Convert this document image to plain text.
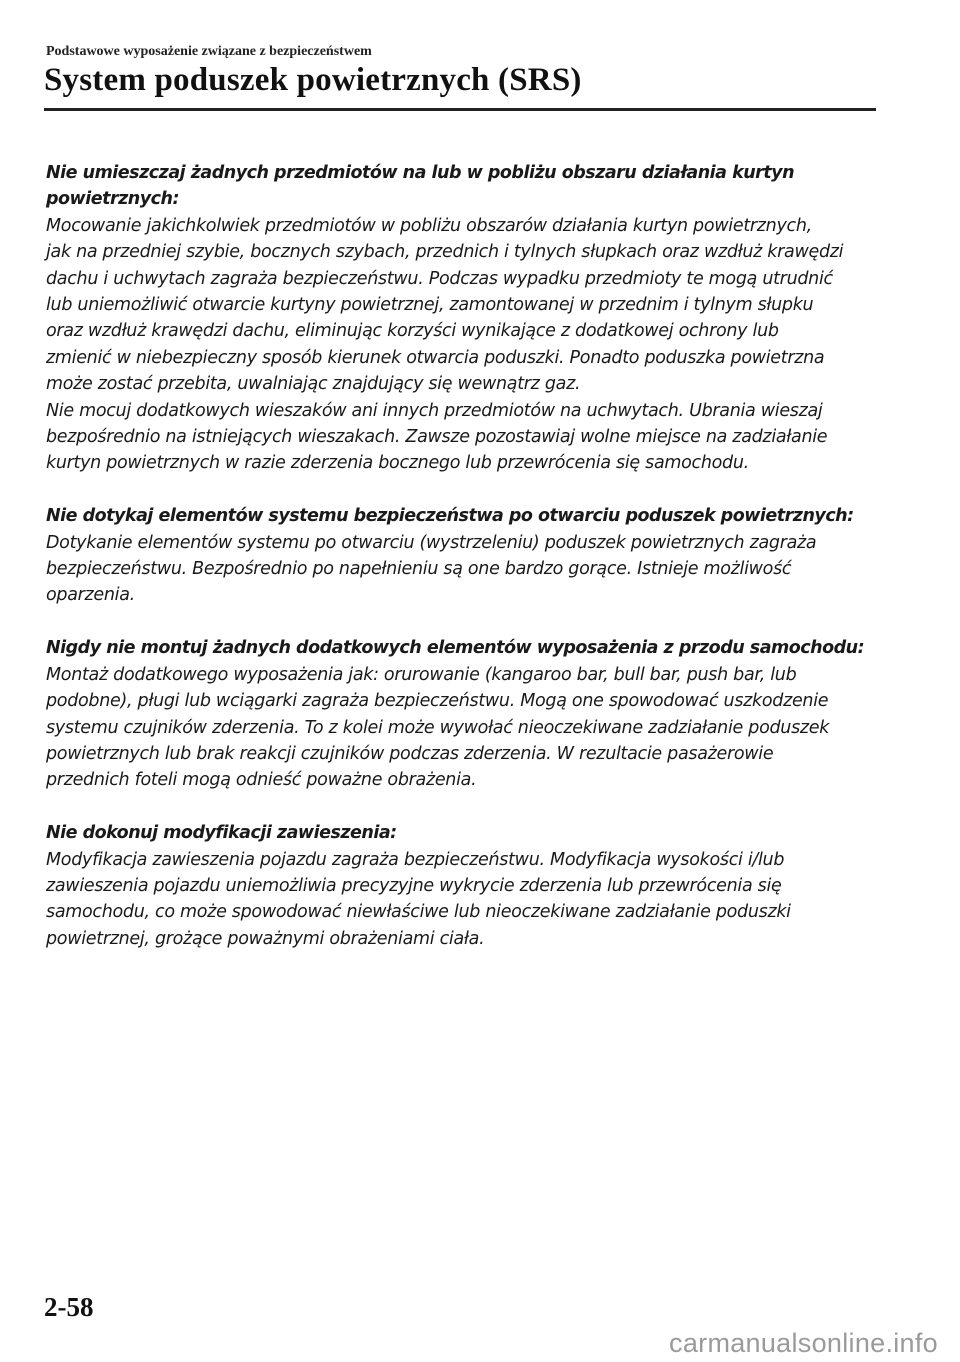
Podstawowe wyposażenie związane z bezpieczeństwem
System poduszek powietrznych (SRS)
Nie umieszczaj żadnych przedmiotów na lub w pobliżu obszaru działania kurtyn
powietrznych:
Mocowanie jakichkolwiek przedmiotów w pobliżu obszarów działania kurtyn powietrznych,
jak na przedniej szybie, bocznych szybach, przednich i tylnych słupkach oraz wzdłuż krawędzi
dachu i uchwytach zagraża bezpieczeństwu. Podczas wypadku przedmioty te mogą utrudnić
lub uniemożliwić otwarcie kurtyny powietrznej, zamontowanej w przednim i tylnym słupku
oraz wzdłuż krawędzi dachu, eliminując korzyści wynikające z dodatkowej ochrony lub
zmienić w niebezpieczny sposób kierunek otwarcia poduszki. Ponadto poduszka powietrzna
może zostać przebita, uwalniając znajdujący się wewnątrz gaz.
Nie mocuj dodatkowych wieszaków ani innych przedmiotów na uchwytach. Ubrania wieszaj
bezpośrednio na istniejących wieszakach. Zawsze pozostawiaj wolne miejsce na zadziałanie
kurtyn powietrznych w razie zderzenia bocznego lub przewrócenia się samochodu.
Nie dotykaj elementów systemu bezpieczeństwa po otwarciu poduszek powietrznych:
Dotykanie elementów systemu po otwarciu (wystrzeleniu) poduszek powietrznych zagraża
bezpieczeństwu. Bezpośrednio po napełnieniu są one bardzo gorące. Istnieje możliwość
oparzenia.
Nigdy nie montuj żadnych dodatkowych elementów wyposażenia z przodu samochodu:
Montaż dodatkowego wyposażenia jak: orurowanie (kangaroo bar, bull bar, push bar, lub
podobne), pługi lub wciągarki zagraża bezpieczeństwu. Mogą one spowodować uszkodzenie
systemu czujników zderzenia. To z kolei może wywołać nieoczekiwane zadziałanie poduszek
powietrznych lub brak reakcji czujników podczas zderzenia. W rezultacie pasażerowie
przednich foteli mogą odnieść poważne obrażenia.
Nie dokonuj modyfikacji zawieszenia:
Modyfikacja zawieszenia pojazdu zagraża bezpieczeństwu. Modyfikacja wysokości i/lub
zawieszenia pojazdu uniemożliwia precyzyjne wykrycie zderzenia lub przewrócenia się
samochodu, co może spowodować niewłaściwe lub nieoczekiwane zadziałanie poduszki
powietrznej, grożące poważnymi obrażeniami ciała.
2-58
carmanualsonline.info
